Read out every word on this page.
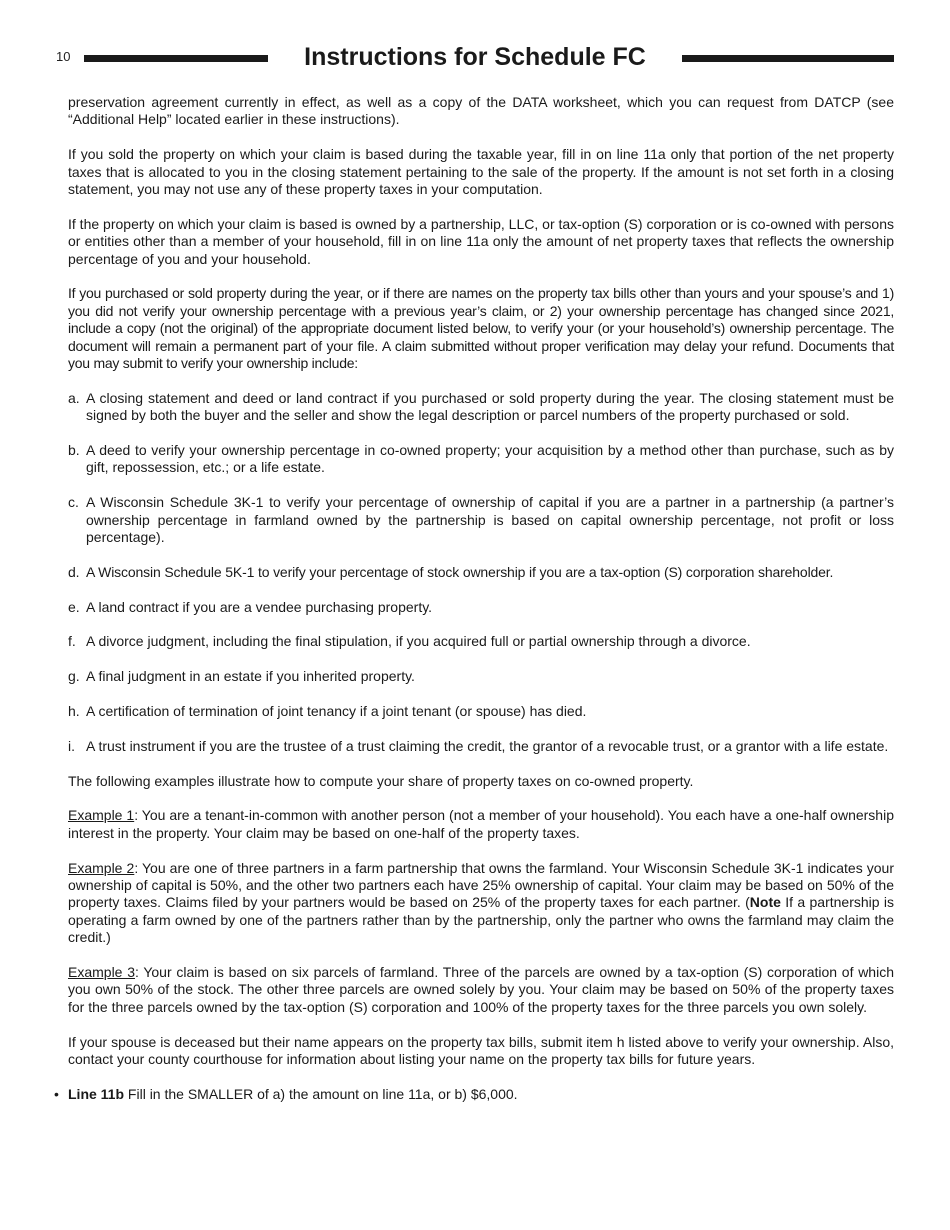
10	Instructions for Schedule FC

preservation agreement currently in effect, as well as a copy of the DATA worksheet, which you can request from DATCP (see “Additional Help” located earlier in these instructions).

If you sold the property on which your claim is based during the taxable year, fill in on line 11a only that portion of the net property taxes that is allocated to you in the closing statement pertaining to the sale of the property. If the amount is not set forth in a closing statement, you may not use any of these property taxes in your computation.

If the property on which your claim is based is owned by a partnership, LLC, or tax-option (S) corporation or is co-owned with persons or entities other than a member of your household, fill in on line 11a only the amount of net property taxes that reflects the ownership percentage of you and your household.

If you purchased or sold property during the year, or if there are names on the property tax bills other than yours and your spouse’s and 1) you did not verify your ownership percentage with a previous year’s claim, or 2) your ownership percentage has changed since 2021, include a copy (not the original) of the appropriate document listed below, to verify your (or your household’s) ownership percentage. The document will remain a permanent part of your file. A claim submitted without proper verification may delay your refund. Documents that you may submit to verify your ownership include:

a. A closing statement and deed or land contract if you purchased or sold property during the year. The closing statement must be signed by both the buyer and the seller and show the legal description or parcel numbers of the property purchased or sold.
b. A deed to verify your ownership percentage in co-owned property; your acquisition by a method other than purchase, such as by gift, repossession, etc.; or a life estate.
c. A Wisconsin Schedule 3K-1 to verify your percentage of ownership of capital if you are a partner in a partnership (a partner’s ownership percentage in farmland owned by the partnership is based on capital ownership percentage, not profit or loss percentage).
d. A Wisconsin Schedule 5K-1 to verify your percentage of stock ownership if you are a tax-option (S) corporation shareholder.
e. A land contract if you are a vendee purchasing property.
f. A divorce judgment, including the final stipulation, if you acquired full or partial ownership through a divorce.
g. A final judgment in an estate if you inherited property.
h. A certification of termination of joint tenancy if a joint tenant (or spouse) has died.
i. A trust instrument if you are the trustee of a trust claiming the credit, the grantor of a revocable trust, or a grantor with a life estate.

The following examples illustrate how to compute your share of property taxes on co-owned property.

Example 1: You are a tenant-in-common with another person (not a member of your household). You each have a one-half ownership interest in the property. Your claim may be based on one-half of the property taxes.

Example 2: You are one of three partners in a farm partnership that owns the farmland. Your Wisconsin Schedule 3K-1 indicates your ownership of capital is 50%, and the other two partners each have 25% ownership of capital. Your claim may be based on 50% of the property taxes. Claims filed by your partners would be based on 25% of the property taxes for each partner. (Note If a partnership is operating a farm owned by one of the partners rather than by the partnership, only the partner who owns the farmland may claim the credit.)

Example 3: Your claim is based on six parcels of farmland. Three of the parcels are owned by a tax-option (S) corporation of which you own 50% of the stock. The other three parcels are owned solely by you. Your claim may be based on 50% of the property taxes for the three parcels owned by the tax-option (S) corporation and 100% of the property taxes for the three parcels you own solely.

If your spouse is deceased but their name appears on the property tax bills, submit item h listed above to verify your ownership. Also, contact your county courthouse for information about listing your name on the property tax bills for future years.

• Line 11b Fill in the SMALLER of a) the amount on line 11a, or b) $6,000.
